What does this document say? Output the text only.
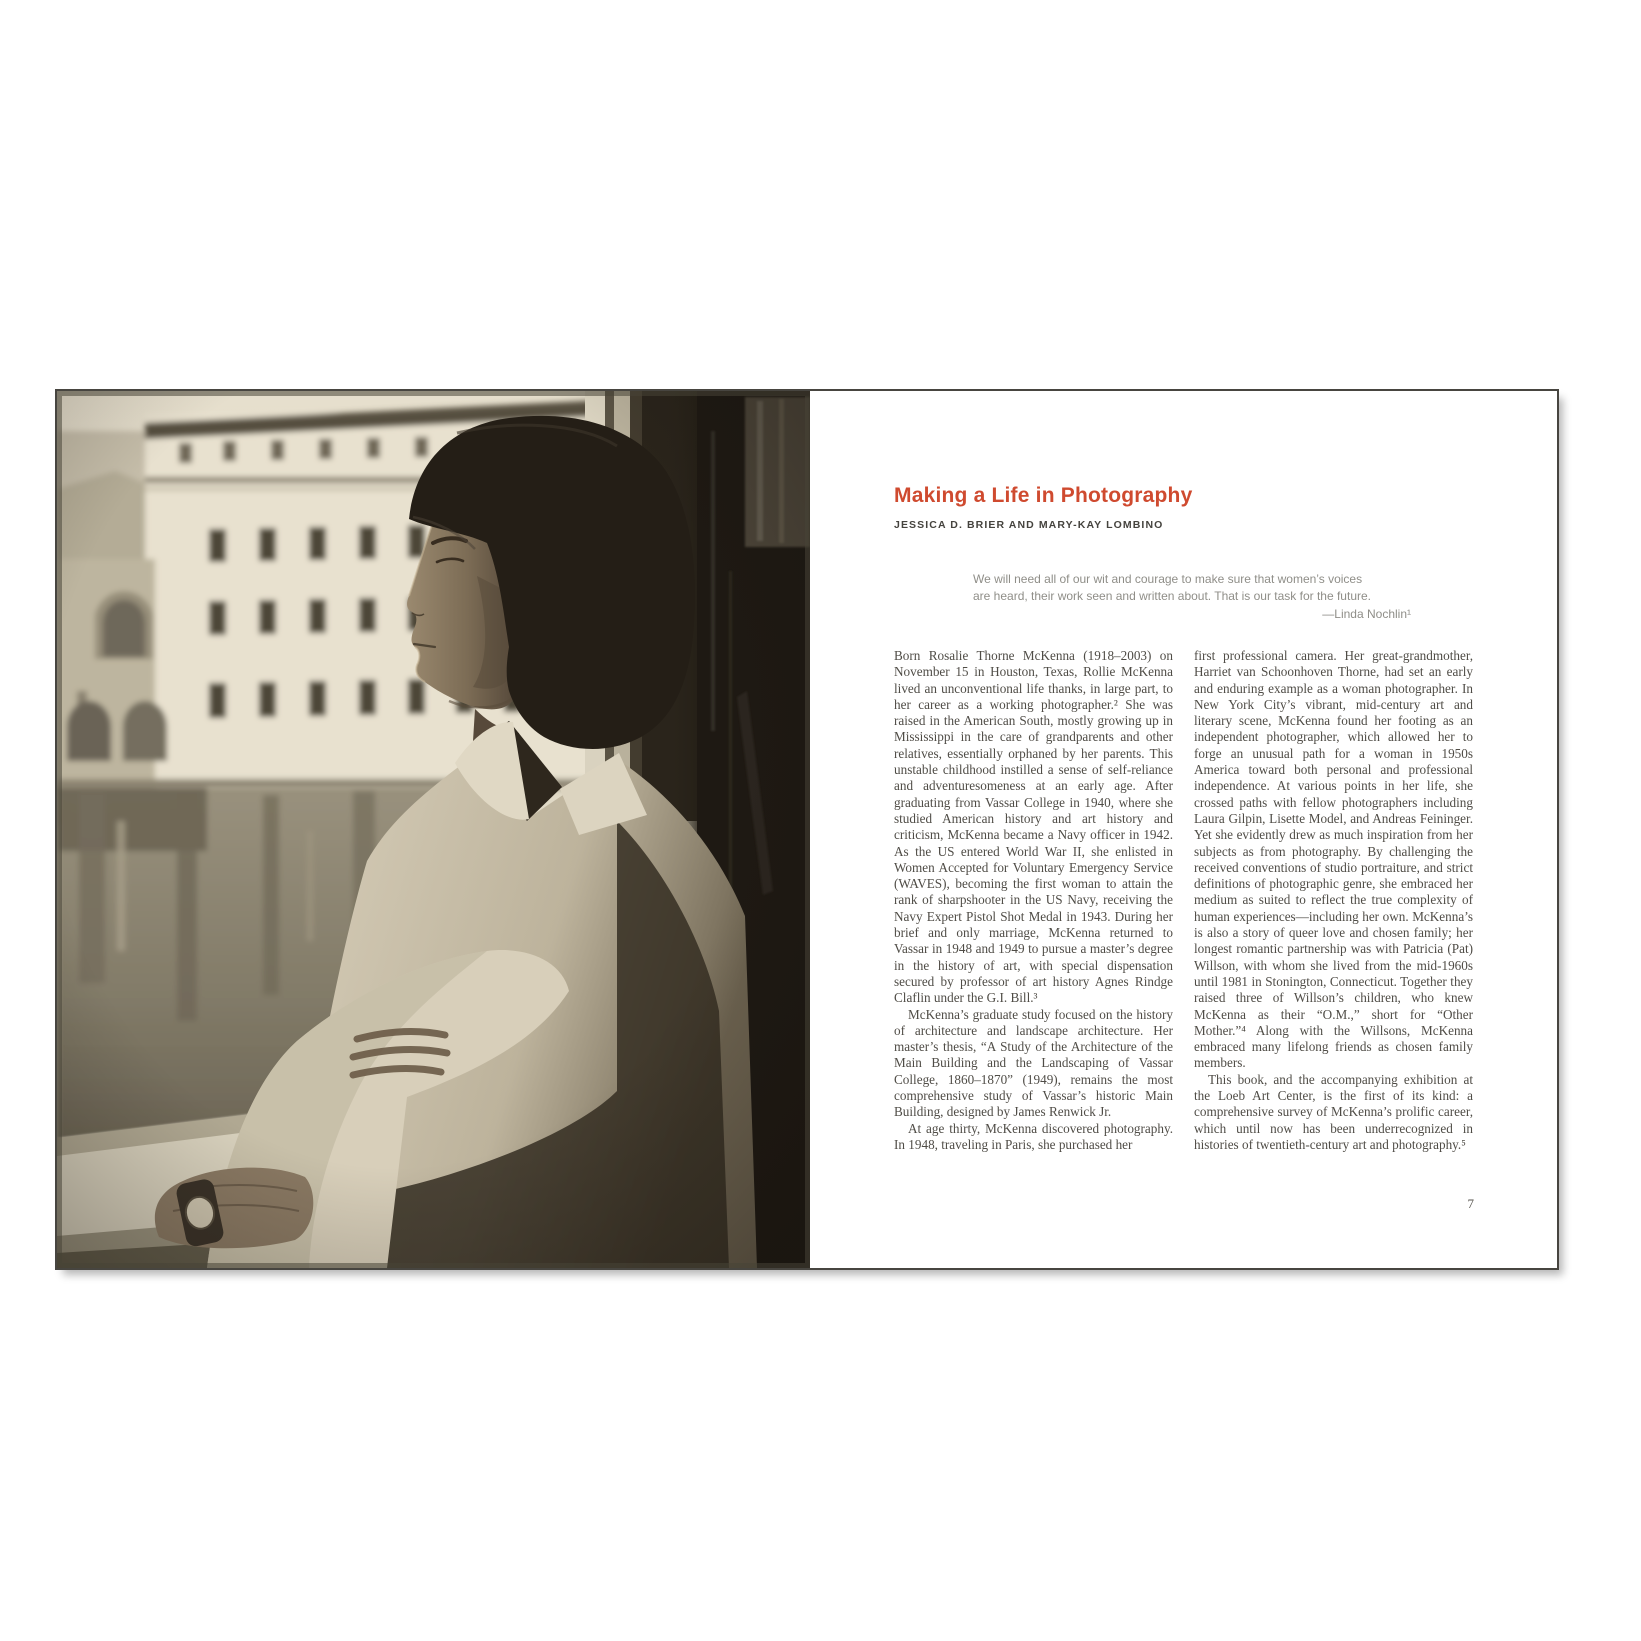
Making a Life in Photography
JESSICA D. BRIER AND MARY-KAY LOMBINO
We will need all of our wit and courage to make sure that women’s voices
are heard, their work seen and written about. That is our task for the future.
—Linda Nochlin¹

Born Rosalie Thorne McKenna (1918–2003) on November 15 in Houston, Texas, Rollie McKenna lived an unconventional life thanks, in large part, to her career as a working photographer.² She was raised in the American South, mostly growing up in Mississippi in the care of grandparents and other relatives, essentially orphaned by her parents. This unstable childhood instilled a sense of self-reliance and adventuresomeness at an early age. After graduating from Vassar College in 1940, where she studied American history and art history and criticism, McKenna became a Navy officer in 1942. As the US entered World War II, she enlisted in Women Accepted for Voluntary Emergency Service (WAVES), becoming the first woman to attain the rank of sharpshooter in the US Navy, receiving the Navy Expert Pistol Shot Medal in 1943. During her brief and only marriage, McKenna returned to Vassar in 1948 and 1949 to pursue a master’s degree in the history of art, with special dispensation secured by professor of art history Agnes Rindge Claflin under the G.I. Bill.³

McKenna’s graduate study focused on the history of architecture and landscape architecture. Her master’s thesis, “A Study of the Architecture of the Main Building and the Landscaping of Vassar College, 1860–1870” (1949), remains the most comprehensive study of Vassar’s historic Main Building, designed by James Renwick Jr.

At age thirty, McKenna discovered photography. In 1948, traveling in Paris, she purchased her

first professional camera. Her great-grandmother, Harriet van Schoonhoven Thorne, had set an early and enduring example as a woman photographer. In New York City’s vibrant, mid-century art and literary scene, McKenna found her footing as an independent photographer, which allowed her to forge an unusual path for a woman in 1950s America toward both personal and professional independence. At various points in her life, she crossed paths with fellow photographers including Laura Gilpin, Lisette Model, and Andreas Feininger. Yet she evidently drew as much inspiration from her subjects as from photography. By challenging the received conventions of studio portraiture, and strict definitions of photographic genre, she embraced her medium as suited to reflect the true complexity of human experiences—including her own. McKenna’s is also a story of queer love and chosen family; her longest romantic partnership was with Patricia (Pat) Willson, with whom she lived from the mid-1960s until 1981 in Stonington, Connecticut. Together they raised three of Willson’s children, who knew McKenna as their “O.M.,” short for “Other Mother.”⁴ Along with the Willsons, McKenna embraced many lifelong friends as chosen family members.

This book, and the accompanying exhibition at the Loeb Art Center, is the first of its kind: a comprehensive survey of McKenna’s prolific career, which until now has been underrecognized in histories of twentieth-century art and photography.⁵

7
